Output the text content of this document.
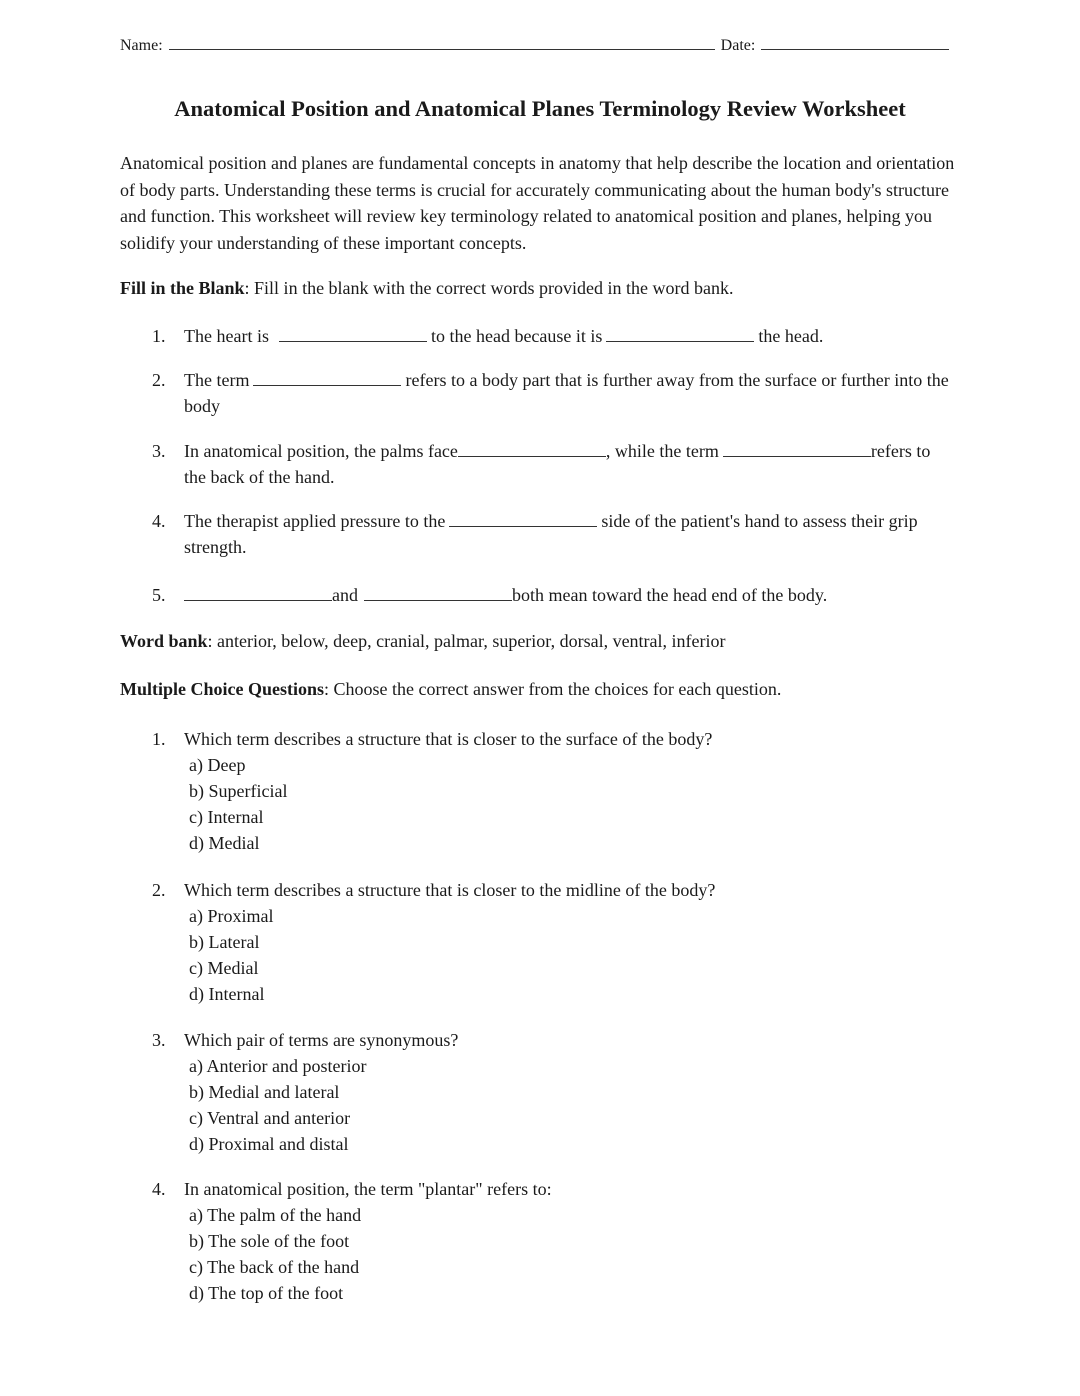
Name:	Date:
Anatomical Position and Anatomical Planes Terminology Review Worksheet
Anatomical position and planes are fundamental concepts in anatomy that help describe the location and orientation of body parts. Understanding these terms is crucial for accurately communicating about the human body's structure and function. This worksheet will review key terminology related to anatomical position and planes, helping you solidify your understanding of these important concepts.
Fill in the Blank: Fill in the blank with the correct words provided in the word bank.
1. The heart is	to the head because it is	the head.
2. The term	refers to a body part that is further away from the surface or further into the body
3. In anatomical position, the palms face	, while the term	refers to the back of the hand.
4. The therapist applied pressure to the	side of the patient's hand to assess their grip strength.
5.	and	both mean toward the head end of the body.
Word bank: anterior, below, deep, cranial, palmar, superior, dorsal, ventral, inferior
Multiple Choice Questions: Choose the correct answer from the choices for each question.
1. Which term describes a structure that is closer to the surface of the body?
a) Deep
b) Superficial
c) Internal
d) Medial
2. Which term describes a structure that is closer to the midline of the body?
a) Proximal
b) Lateral
c) Medial
d) Internal
3. Which pair of terms are synonymous?
a) Anterior and posterior
b) Medial and lateral
c) Ventral and anterior
d) Proximal and distal
4. In anatomical position, the term "plantar" refers to:
a) The palm of the hand
b) The sole of the foot
c) The back of the hand
d) The top of the foot
